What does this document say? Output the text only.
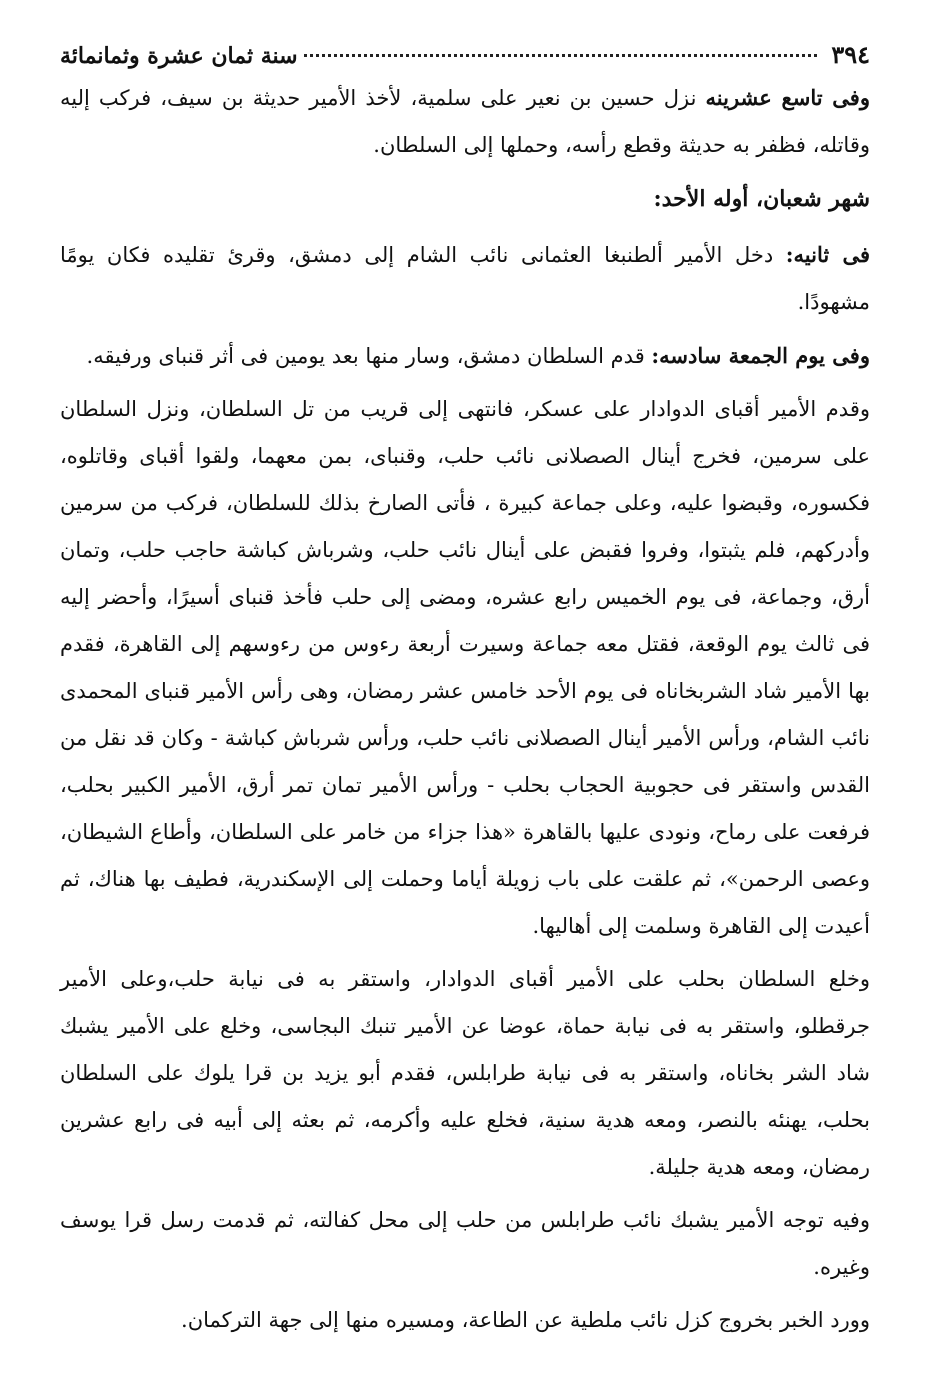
٣٩٤
سنة ثمان عشرة وثمانمائة

وفى تاسع عشرينه نزل حسين بن نعير على سلمية، لأخذ الأمير حديثة بن سيف، فركب إليه وقاتله، فظفر به حديثة وقطع رأسه، وحملها إلى السلطان.

شهر شعبان، أوله الأحد:

فى ثانيه: دخل الأمير ألطنبغا العثمانى نائب الشام إلى دمشق، وقرئ تقليده فكان يومًا مشهودًا.

وفى يوم الجمعة سادسه: قدم السلطان دمشق، وسار منها بعد يومين فى أثر قنباى ورفيقه.

وقدم الأمير أقباى الدوادار على عسكر، فانتهى إلى قريب من تل السلطان، ونزل السلطان على سرمين، فخرج أينال الصصلانى نائب حلب، وقنباى، بمن معهما، ولقوا أقباى وقاتلوه، فكسوره، وقبضوا عليه، وعلى جماعة كبيرة ، فأتى الصارخ بذلك للسلطان، فركب من سرمين وأدركهم، فلم يثبتوا، وفروا فقبض على أينال نائب حلب، وشرباش كباشة حاجب حلب، وتمان أرق، وجماعة، فى يوم الخميس رابع عشره، ومضى إلى حلب فأخذ قنباى أسيرًا، وأحضر إليه فى ثالث يوم الوقعة، فقتل معه جماعة وسيرت أربعة رءوس من رءوسهم إلى القاهرة، فقدم بها الأمير شاد الشربخاناه فى يوم الأحد خامس عشر رمضان، وهى رأس الأمير قنباى المحمدى نائب الشام، ورأس الأمير أينال الصصلانى نائب حلب، ورأس شرباش كباشة - وكان قد نقل من القدس واستقر فى حجوبية الحجاب بحلب - ورأس الأمير تمان تمر أرق، الأمير الكبير بحلب، فرفعت على رماح، ونودى عليها بالقاهرة «هذا جزاء من خامر على السلطان، وأطاع الشيطان، وعصى الرحمن»، ثم علقت على باب زويلة أياما وحملت إلى الإسكندرية، فطيف بها هناك، ثم أعيدت إلى القاهرة وسلمت إلى أهاليها.

وخلع السلطان بحلب على الأمير أقباى الدوادار، واستقر به فى نيابة حلب،وعلى الأمير جرقطلو، واستقر به فى نيابة حماة، عوضا عن الأمير تنبك البجاسى، وخلع على الأمير يشبك شاد الشر بخاناه، واستقر به فى نيابة طرابلس، فقدم أبو يزيد بن قرا يلوك على السلطان بحلب، يهنئه بالنصر، ومعه هدية سنية، فخلع عليه وأكرمه، ثم بعثه إلى أبيه فى رابع عشرين رمضان، ومعه هدية جليلة.

وفيه توجه الأمير يشبك نائب طرابلس من حلب إلى محل كفالته، ثم قدمت رسل قرا يوسف وغيره.

وورد الخبر بخروج كزل نائب ملطية عن الطاعة، ومسيره منها إلى جهة التركمان.
